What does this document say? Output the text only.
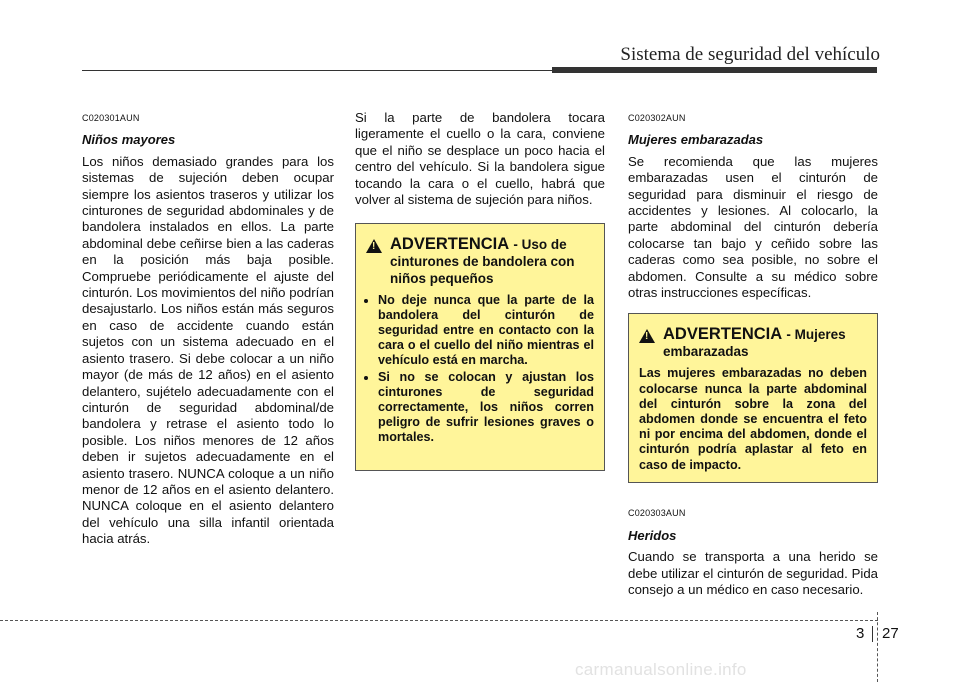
Sistema de seguridad del vehículo
C020301AUN
Niños mayores

Los niños demasiado grandes para los sistemas de sujeción deben ocupar siempre los asientos traseros y utilizar los cinturones de seguridad abdominales y de bandolera instalados en ellos. La parte abdominal debe ceñirse bien a las caderas en la posición más baja posible. Compruebe periódicamente el ajuste del cinturón. Los movimientos del niño podrían desajustarlo. Los niños están más seguros en caso de accidente cuando están sujetos con un sistema adecuado en el asiento trasero. Si debe colocar a un niño mayor (de más de 12 años) en el asiento delantero, sujételo adecuadamente con el cinturón de seguridad abdominal/de bandolera y retrase el asiento todo lo posible. Los niños menores de 12 años deben ir sujetos adecuadamente en el asiento trasero. NUNCA coloque a un niño menor de 12 años en el asiento delantero. NUNCA coloque en el asiento delantero del vehículo una silla infantil orientada hacia atrás.

Si la parte de bandolera tocara ligeramente el cuello o la cara, conviene que el niño se desplace un poco hacia el centro del vehículo. Si la bandolera sigue tocando la cara o el cuello, habrá que volver al sistema de sujeción para niños.

! ADVERTENCIA - Uso de cinturones de bandolera con niños pequeños
• No deje nunca que la parte de la bandolera del cinturón de seguridad entre en contacto con la cara o el cuello del niño mientras el vehículo está en marcha.
• Si no se colocan y ajustan los cinturones de seguridad correctamente, los niños corren peligro de sufrir lesiones graves o mortales.
C020302AUN
Mujeres embarazadas

Se recomienda que las mujeres embarazadas usen el cinturón de seguridad para disminuir el riesgo de accidentes y lesiones. Al colocarlo, la parte abdominal del cinturón debería colocarse tan bajo y ceñido sobre las caderas como sea posible, no sobre el abdomen. Consulte a su médico sobre otras instrucciones específicas.

! ADVERTENCIA - Mujeres embarazadas

Las mujeres embarazadas no deben colocarse nunca la parte abdominal del cinturón sobre la zona del abdomen donde se encuentra el feto ni por encima del abdomen, donde el cinturón podría aplastar al feto en caso de impacto.

C020303AUN
Heridos

Cuando se transporta a una herido se debe utilizar el cinturón de seguridad. Pida consejo a un médico en caso necesario.

3 27
carmanualsonline.info
